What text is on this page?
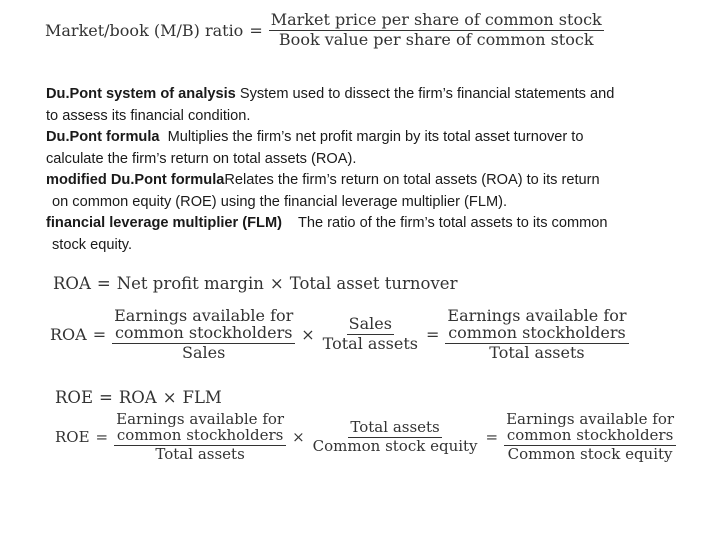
Market/book (M/B) ratio = $\frac{\text{Market price per share of common stock}}{\text{Book value per share of common stock}}$

Du.Pont system of analysis System used to dissect the firm’s financial statements and
to assess its financial condition.

Du.Pont formula Multiplies the firm’s net profit margin by its total asset turnover to
calculate the firm’s return on total assets (ROA).

modified Du.Pont formulaRelates the firm’s return on total assets (ROA) to its return
on common equity (ROE) using the financial leverage multiplier (FLM).

financial leverage multiplier (FLM) The ratio of the firm’s total assets to its common
stock equity.

ROA = Net profit margin × Total asset turnover
ROA = Earnings available for
common stockholders
Sales × $\frac{\text{Sales}}{\text{Total assets}}$ = Earnings available for
common stockholders
Total assets
ROE = ROA × FLM
ROE = Earnings available for
common stockholders
Total assets × $\frac{\text{Total assets}}{\text{Common stock equity}}$ = Earnings available for
common stockholders
Common stock equity
